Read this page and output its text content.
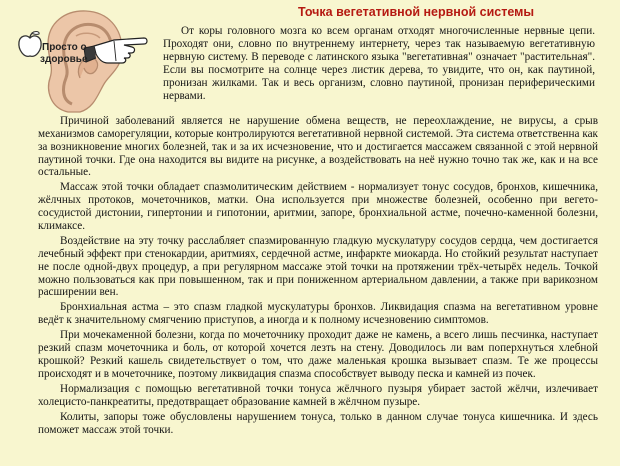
Точка вегетативной нервной системы
Просто о
здоровье

От коры головного мозга ко всем органам отходят многочисленные нервные цепи. Проходят они, словно по внутреннему интернету, через так называемую вегетативную нервную систему. В переводе с латинского языка "вегетативная" означает "растительная". Если вы посмотрите на солнце через листик дерева, то увидите, что он, как паутиной, пронизан жилками. Так и весь организм, словно паутиной, пронизан периферическими нервами.

Причиной заболеваний является не нарушение обмена веществ, не переохлаждение, не вирусы, а срыв механизмов саморегуляции, которые контролируются вегетативной нервной системой. Эта система ответственна как за возникновение многих болезней, так и за их исчезновение, что и достигается массажем связанной с этой нервной паутиной точки. Где она находится вы видите на рисунке, а воздействовать на неё нужно точно так же, как и на все остальные.

Массаж этой точки обладает спазмолитическим действием - нормализует тонус сосудов, бронхов, кишечника, жёлчных протоков, мочеточников, матки. Она используется при множестве болезней, особенно при вегето-сосудистой дистонии, гипертонии и гипотонии, аритмии, запоре, бронхиальной астме, почечно-каменной болезни, климаксе.

Воздействие на эту точку расслабляет спазмированную гладкую мускулатуру сосудов сердца, чем достигается лечебный эффект при стенокардии, аритмиях, сердечной астме, инфаркте миокарда. Но стойкий результат наступает не после одной-двух процедур, а при регулярном массаже этой точки на протяжении трёх-четырёх недель. Точкой можно пользоваться как при повышенном, так и при пониженном артериальном давлении, а также при варикозном расширении вен.

Бронхиальная астма – это спазм гладкой мускулатуры бронхов. Ликвидация спазма на вегетативном уровне ведёт к значительному смягчению приступов, а иногда и к полному исчезновению симптомов.

При мочекаменной болезни, когда по мочеточнику проходит даже не камень, а всего лишь песчинка, наступает резкий спазм мочеточника и боль, от которой хочется лезть на стену. Доводилось ли вам поперхнуться хлебной крошкой? Резкий кашель свидетельствует о том, что даже маленькая крошка вызывает спазм. Те же процессы происходят и в мочеточнике, поэтому ликвидация спазма способствует выводу песка и камней из почек.

Нормализация с помощью вегетативной точки тонуса жёлчного пузыря убирает застой жёлчи, излечивает холецисто-панкреатиты, предотвращает образование камней в жёлчном пузыре.

Колиты, запоры тоже обусловлены нарушением тонуса, только в данном случае тонуса кишечника. И здесь поможет массаж этой точки.
